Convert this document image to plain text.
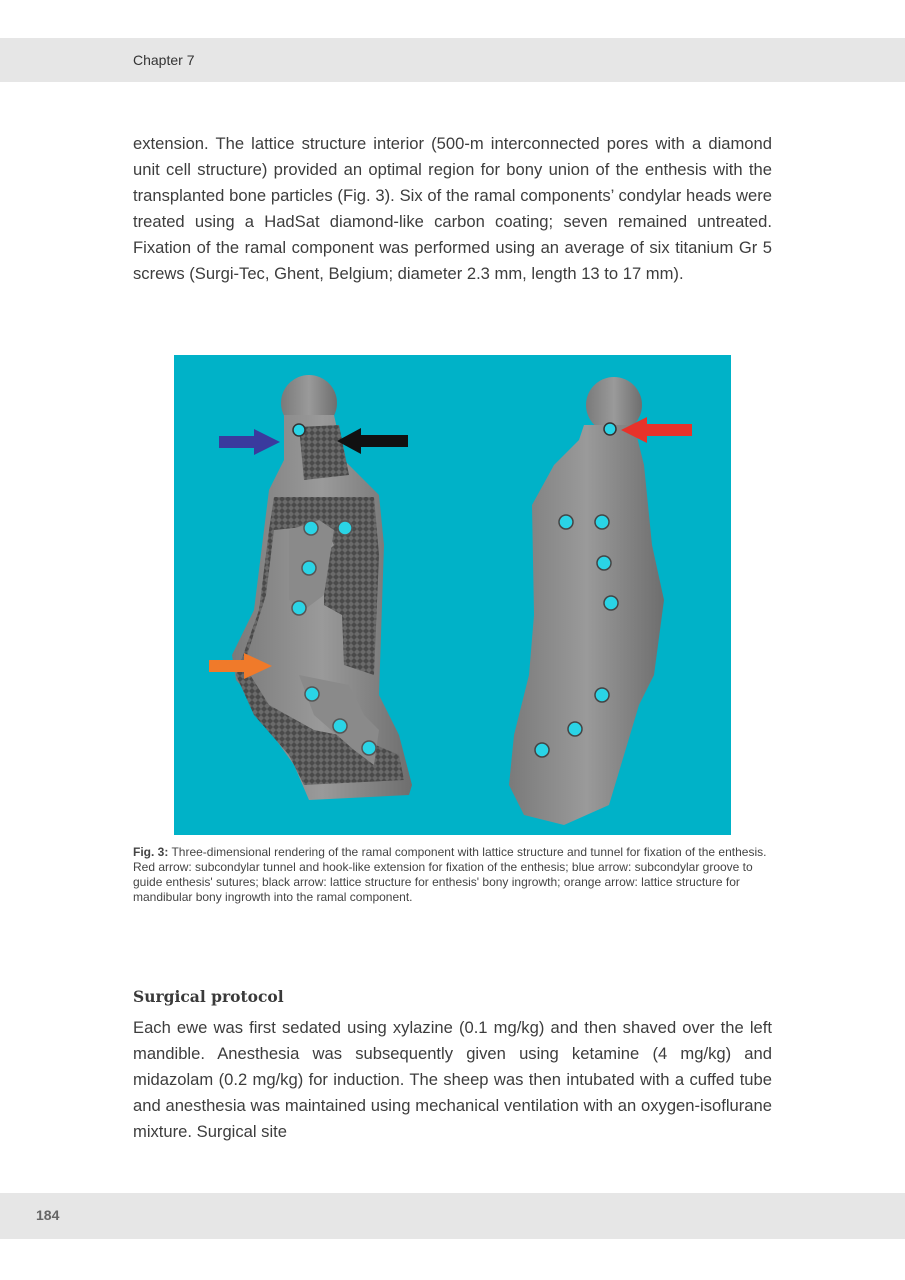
Chapter 7

extension. The lattice structure interior (500-m interconnected pores with a diamond unit cell structure) provided an optimal region for bony union of the enthesis with the transplanted bone particles (Fig. 3). Six of the ramal components’ condylar heads were treated using a HadSat diamond-like carbon coating; seven remained untreated. Fixation of the ramal component was performed using an average of six titanium Gr 5 screws (Surgi-Tec, Ghent, Belgium; diameter 2.3 mm, length 13 to 17 mm).

Fig. 3: Three-dimensional rendering of the ramal component with lattice structure and tunnel for fixation of the enthesis. Red arrow: subcondylar tunnel and hook-like extension for fixation of the enthesis; blue arrow: subcondylar groove to guide enthesis' sutures; black arrow: lattice structure for enthesis' bony ingrowth; orange arrow: lattice structure for mandibular bony ingrowth into the ramal component.
Surgical protocol

Each ewe was first sedated using xylazine (0.1 mg/kg) and then shaved over the left mandible. Anesthesia was subsequently given using ketamine (4 mg/kg) and midazolam (0.2 mg/kg) for induction. The sheep was then intubated with a cuffed tube and anesthesia was maintained using mechanical ventilation with an oxygen-isoflurane mixture. Surgical site

184
